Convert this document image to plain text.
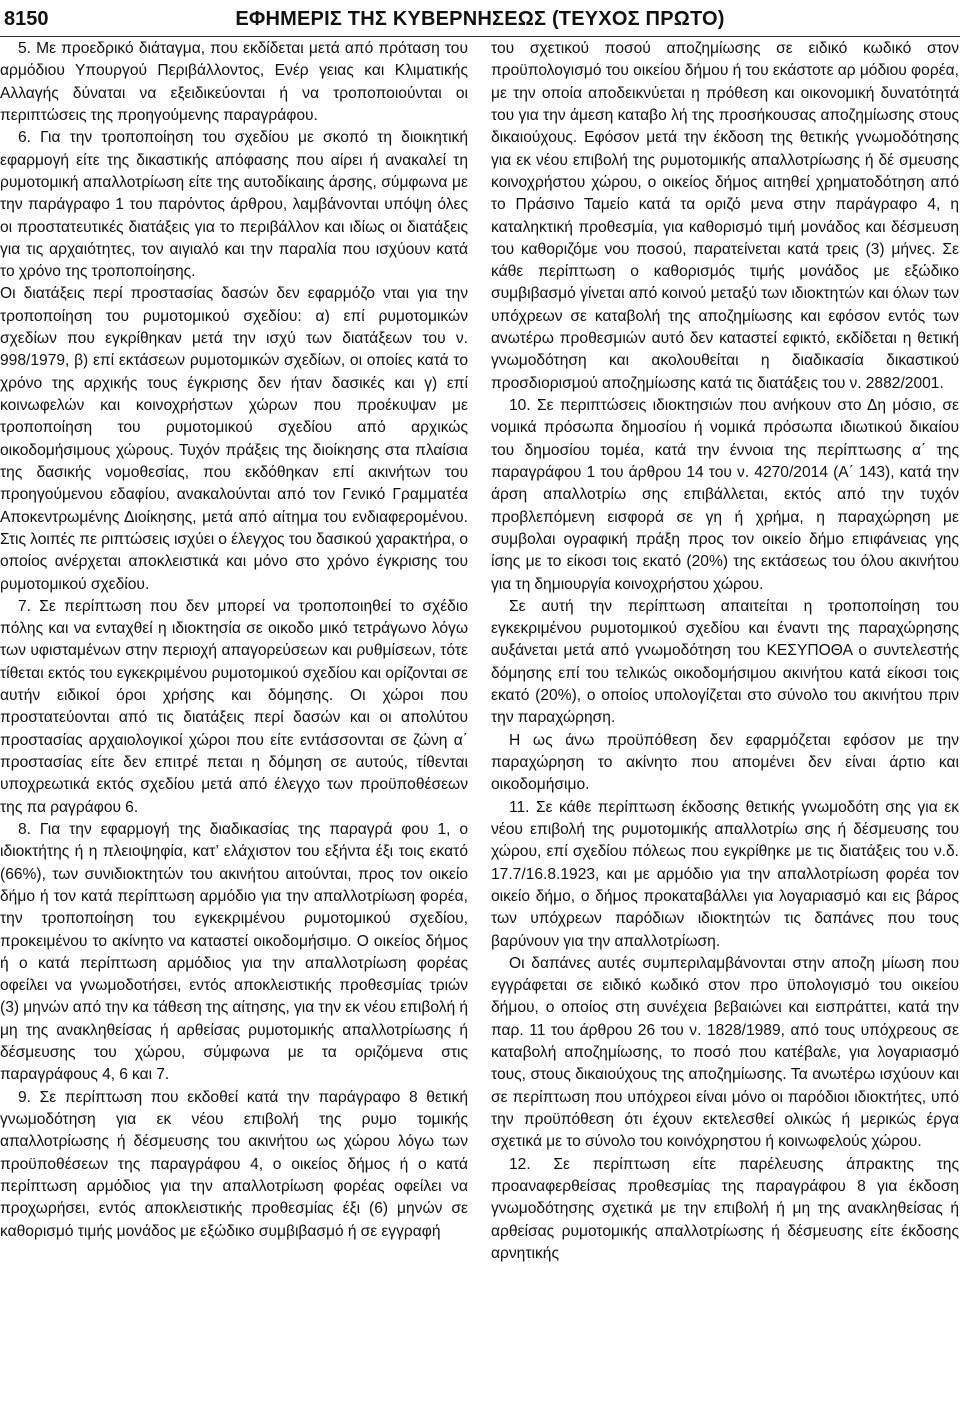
8150	ΕΦΗΜΕΡΙΣ ΤΗΣ ΚΥΒΕΡΝΗΣΕΩΣ (ΤΕΥΧΟΣ ΠΡΩΤΟ)

5. Με προεδρικό διάταγμα, που εκδίδεται μετά από πρόταση του αρμόδιου Υπουργού Περιβάλλοντος, Ενέρ γειας και Κλιματικής Αλλαγής δύναται να εξειδικεύονται ή να τροποποιούνται οι περιπτώσεις της προηγούμενης παραγράφου.

6. Για την τροποποίηση του σχεδίου με σκοπό τη διοικητική εφαρμογή είτε της δικαστικής απόφασης που αίρει ή ανακαλεί τη ρυμοτομική απαλλοτρίωση είτε της αυτοδίκαιης άρσης, σύμφωνα με την παράγραφο 1 του παρόντος άρθρου, λαμβάνονται υπόψη όλες οι προστατευτικές διατάξεις για το περιβάλλον και ιδίως οι διατάξεις για τις αρχαιότητες, τον αιγιαλό και την παραλία που ισχύουν κατά το χρόνο της τροποποίησης.

Οι διατάξεις περί προστασίας δασών δεν εφαρμόζο νται για την τροποποίηση του ρυμοτομικού σχεδίου: α) επί ρυμοτομικών σχεδίων που εγκρίθηκαν μετά την ισχύ των διατάξεων του ν. 998/1979, β) επί εκτάσεων ρυμοτομικών σχεδίων, οι οποίες κατά το χρόνο της αρχικής τους έγκρισης δεν ήταν δασικές και γ) επί κοινωφελών και κοινοχρήστων χώρων που προέκυψαν με τροποποίηση του ρυμοτομικού σχεδίου από αρχικώς οικοδομήσιμους χώρους. Τυχόν πράξεις της διοίκησης στα πλαίσια της δασικής νομοθεσίας, που εκδόθηκαν επί ακινήτων του προηγούμενου εδαφίου, ανακαλούνται από τον Γενικό Γραμματέα Αποκεντρωμένης Διοίκησης, μετά από αίτημα του ενδιαφερομένου. Στις λοιπές πε ριπτώσεις ισχύει ο έλεγχος του δασικού χαρακτήρα, ο οποίος ανέρχεται αποκλειστικά και μόνο στο χρόνο έγκρισης του ρυμοτομικού σχεδίου.

7. Σε περίπτωση που δεν μπορεί να τροποποιηθεί το σχέδιο πόλης και να ενταχθεί η ιδιοκτησία σε οικοδο μικό τετράγωνο λόγω των υφισταμένων στην περιοχή απαγορεύσεων και ρυθμίσεων, τότε τίθεται εκτός του εγκεκριμένου ρυμοτομικού σχεδίου και ορίζονται σε αυτήν ειδικοί όροι χρήσης και δόμησης. Οι χώροι που προστατεύονται από τις διατάξεις περί δασών και οι απολύτου προστασίας αρχαιολογικοί χώροι που είτε εντάσσονται σε ζώνη α΄ προστασίας είτε δεν επιτρέ πεται η δόμηση σε αυτούς, τίθενται υποχρεωτικά εκτός σχεδίου μετά από έλεγχο των προϋποθέσεων της πα ραγράφου 6.

8. Για την εφαρμογή της διαδικασίας της παραγρά φου 1, ο ιδιοκτήτης ή η πλειοψηφία, κατ’ ελάχιστον του εξήντα έξι τοις εκατό (66%), των συνιδιοκτητών του ακινήτου αιτούνται, προς τον οικείο δήμο ή τον κατά περίπτωση αρμόδιο για την απαλλοτρίωση φορέα, την τροποποίηση του εγκεκριμένου ρυμοτομικού σχεδίου, προκειμένου το ακίνητο να καταστεί οικοδομήσιμο. Ο οικείος δήμος ή ο κατά περίπτωση αρμόδιος για την απαλλοτρίωση φορέας οφείλει να γνωμοδοτήσει, εντός αποκλειστικής προθεσμίας τριών (3) μηνών από την κα τάθεση της αίτησης, για την εκ νέου επιβολή ή μη της ανακληθείσας ή αρθείσας ρυμοτομικής απαλλοτρίωσης ή δέσμευσης του χώρου, σύμφωνα με τα οριζόμενα στις παραγράφους 4, 6 και 7.

9. Σε περίπτωση που εκδοθεί κατά την παράγραφο 8 θετική γνωμοδότηση για εκ νέου επιβολή της ρυμο τομικής απαλλοτρίωσης ή δέσμευσης του ακινήτου ως χώρου λόγω των προϋποθέσεων της παραγράφου 4, ο οικείος δήμος ή ο κατά περίπτωση αρμόδιος για την απαλλοτρίωση φορέας οφείλει να προχωρήσει, εντός αποκλειστικής προθεσμίας έξι (6) μηνών σε καθορισμό τιμής μονάδος με εξώδικο συμβιβασμό ή σε εγγραφή

του σχετικού ποσού αποζημίωσης σε ειδικό κωδικό στον προϋπολογισμό του οικείου δήμου ή του εκάστοτε αρ μόδιου φορέα, με την οποία αποδεικνύεται η πρόθεση και οικονομική δυνατότητά του για την άμεση καταβο λή της προσήκουσας αποζημίωσης στους δικαιούχους. Εφόσον μετά την έκδοση της θετικής γνωμοδότησης για εκ νέου επιβολή της ρυμοτομικής απαλλοτρίωσης ή δέ σμευσης κοινοχρήστου χώρου, ο οικείος δήμος αιτηθεί χρηματοδότηση από το Πράσινο Ταμείο κατά τα οριζό μενα στην παράγραφο 4, η καταληκτική προθεσμία, για καθορισμό τιμή μονάδος και δέσμευση του καθοριζόμε νου ποσού, παρατείνεται κατά τρεις (3) μήνες. Σε κάθε περίπτωση ο καθορισμός τιμής μονάδος με εξώδικο συμβιβασμό γίνεται από κοινού μεταξύ των ιδιοκτητών και όλων των υπόχρεων σε καταβολή της αποζημίωσης και εφόσον εντός των ανωτέρω προθεσμιών αυτό δεν καταστεί εφικτό, εκδίδεται η θετική γνωμοδότηση και ακολουθείται η διαδικασία δικαστικού προσδιορισμού αποζημίωσης κατά τις διατάξεις του ν. 2882/2001.

10. Σε περιπτώσεις ιδιοκτησιών που ανήκουν στο Δη μόσιο, σε νομικά πρόσωπα δημοσίου ή νομικά πρόσωπα ιδιωτικού δικαίου του δημοσίου τομέα, κατά την έννοια της περίπτωσης α΄ της παραγράφου 1 του άρθρου 14 του ν. 4270/2014 (Α΄ 143), κατά την άρση απαλλοτρίω σης επιβάλλεται, εκτός από την τυχόν προβλεπόμενη εισφορά σε γη ή χρήμα, η παραχώρηση με συμβολαι ογραφική πράξη προς τον οικείο δήμο επιφάνειας γης ίσης με το είκοσι τοις εκατό (20%) της εκτάσεως του όλου ακινήτου για τη δημιουργία κοινοχρήστου χώρου.

Σε αυτή την περίπτωση απαιτείται η τροποποίηση του εγκεκριμένου ρυμοτομικού σχεδίου και έναντι της παραχώρησης αυξάνεται μετά από γνωμοδότηση του ΚΕΣΥΠΟΘΑ ο συντελεστής δόμησης επί του τελικώς οικοδομήσιμου ακινήτου κατά είκοσι τοις εκατό (20%), ο οποίος υπολογίζεται στο σύνολο του ακινήτου πριν την παραχώρηση.

Η ως άνω προϋπόθεση δεν εφαρμόζεται εφόσον με την παραχώρηση το ακίνητο που απομένει δεν είναι άρτιο και οικοδομήσιμο.

11. Σε κάθε περίπτωση έκδοσης θετικής γνωμοδότη σης για εκ νέου επιβολή της ρυμοτομικής απαλλοτρίω σης ή δέσμευσης του χώρου, επί σχεδίου πόλεως που εγκρίθηκε με τις διατάξεις του ν.δ. 17.7/16.8.1923, και με αρμόδιο για την απαλλοτρίωση φορέα τον οικείο δήμο, ο δήμος προκαταβάλλει για λογαριασμό και εις βάρος των υπόχρεων παρόδιων ιδιοκτητών τις δαπάνες που τους βαρύνουν για την απαλλοτρίωση.

Οι δαπάνες αυτές συμπεριλαμβάνονται στην αποζη μίωση που εγγράφεται σε ειδικό κωδικό στον προ ϋπολογισμό του οικείου δήμου, ο οποίος στη συνέχεια βεβαιώνει και εισπράττει, κατά την παρ. 11 του άρθρου 26 του ν. 1828/1989, από τους υπόχρεους σε καταβολή αποζημίωσης, το ποσό που κατέβαλε, για λογαριασμό τους, στους δικαιούχους της αποζημίωσης. Τα ανωτέρω ισχύουν και σε περίπτωση που υπόχρεοι είναι μόνο οι παρόδιοι ιδιοκτήτες, υπό την προϋπόθεση ότι έχουν εκτελεσθεί ολικώς ή μερικώς έργα σχετικά με το σύνολο του κοινόχρηστου ή κοινωφελούς χώρου.

12. Σε περίπτωση είτε παρέλευσης άπρακτης της προαναφερθείσας προθεσμίας της παραγράφου 8 για έκδοση γνωμοδότησης σχετικά με την επιβολή ή μη της ανακληθείσας ή αρθείσας ρυμοτομικής απαλλοτρίωσης ή δέσμευσης είτε έκδοσης αρνητικής
